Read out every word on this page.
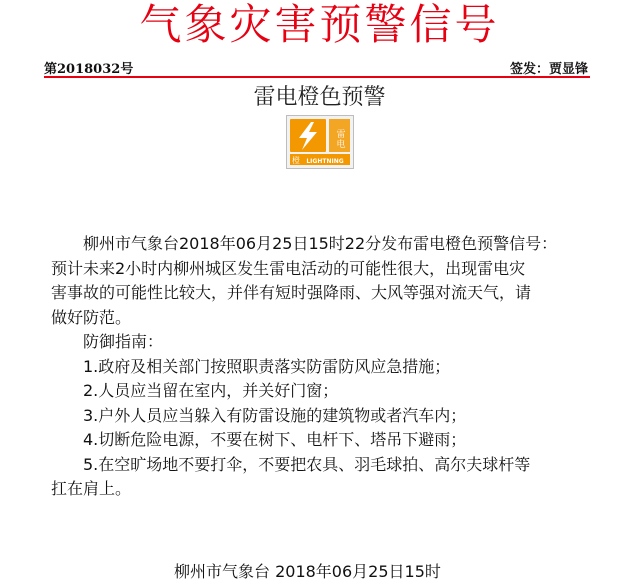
气象灾害预警信号
第2018032号	签发：贾显锋
雷电橙色预警
雷电
橙 LIGHTNING

柳州市气象台2018年06月25日15时22分发布雷电橙色预警信号：

预计未来2小时内柳州城区发生雷电活动的可能性很大，出现雷电灾

害事故的可能性比较大，并伴有短时强降雨、大风等强对流天气，请

做好防范。

防御指南：

1.政府及相关部门按照职责落实防雷防风应急措施；

2.人员应当留在室内，并关好门窗；

3.户外人员应当躲入有防雷设施的建筑物或者汽车内；

4.切断危险电源，不要在树下、电杆下、塔吊下避雨；

5.在空旷场地不要打伞，不要把农具、羽毛球拍、高尔夫球杆等

扛在肩上。

柳州市气象台 2018年06月25日15时
